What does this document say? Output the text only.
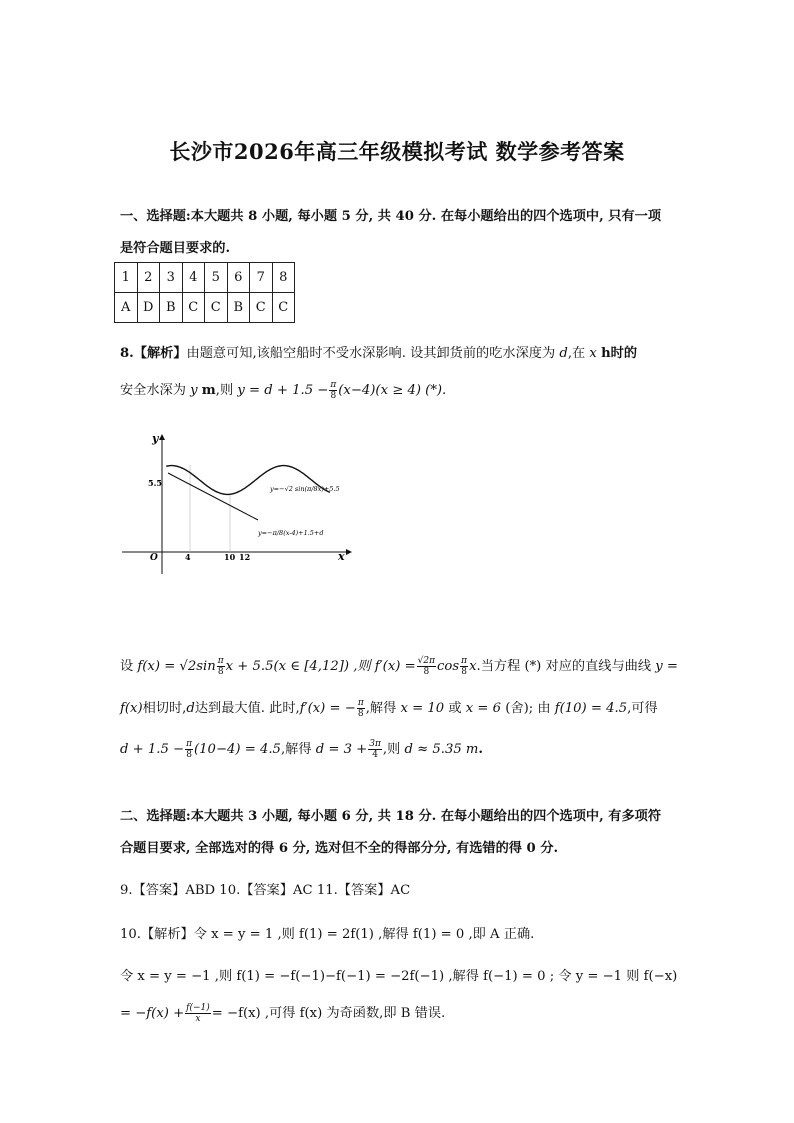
长沙市2026年高三年级模拟考试 数学参考答案
一、选择题:本大题共 8 小题, 每小题 5 分, 共 40 分. 在每小题给出的四个选项中, 只有一项
是符合题目要求的.
1	2	3	4	5	6	7	8
A	D	B	C	C	B	C	C
8.【解析】由题意可知,该船空船时不受水深影响. 设其卸货前的吃水深度为 d,在 x h时的
安全水深为 y m,则 $y = d + 1.5 - \frac{\pi}{8} (x-4)(x \ge 4)$ (*).
y
x
O
5.5
4	10 12
y=−√2 sin(π/8x)+5.5
y=−π/8(x-4)+1.5+d
设 $f(x) = √2\sin \frac{\pi}{8}$ x + 5.5(x ∈ [4,12]) ,则 $f'(x) = \frac{√2\pi}{8}$ $\cos \frac{\pi}{8} x$.当方程 (*) 对应的直线与曲线 y =
f(x)相切时,d达到最大值. 此时,f′(x) = − $\frac{\pi}{8}$ ,解得 x = 10 或 x = 6 (舍); 由 f(10) = 4.5,可得
$d + 1.5 - \frac{\pi}{8} (10-4) = 4.5$,解得 $d = 3 + \frac{3\pi}{4}$ ,则 d ≈ 5.35 m.
二、选择题:本大题共 3 小题, 每小题 6 分, 共 18 分. 在每小题给出的四个选项中, 有多项符
合题目要求, 全部选对的得 6 分, 选对但不全的得部分分, 有选错的得 0 分.
9.【答案】ABD 10.【答案】AC 11.【答案】AC
10.【解析】令 x = y = 1 ,则 f(1) = 2f(1) ,解得 f(1) = 0 ,即 A 正确.
令 x = y = −1 ,则 f(1) = −f(−1)−f(−1) = −2f(−1) ,解得 f(−1) = 0 ; 令 y = −1 则 f(−x)
= $-f(x) + \frac{f(-1)}{x} = -f(x)$ ,可得 f(x) 为奇函数,即 B 错误.
